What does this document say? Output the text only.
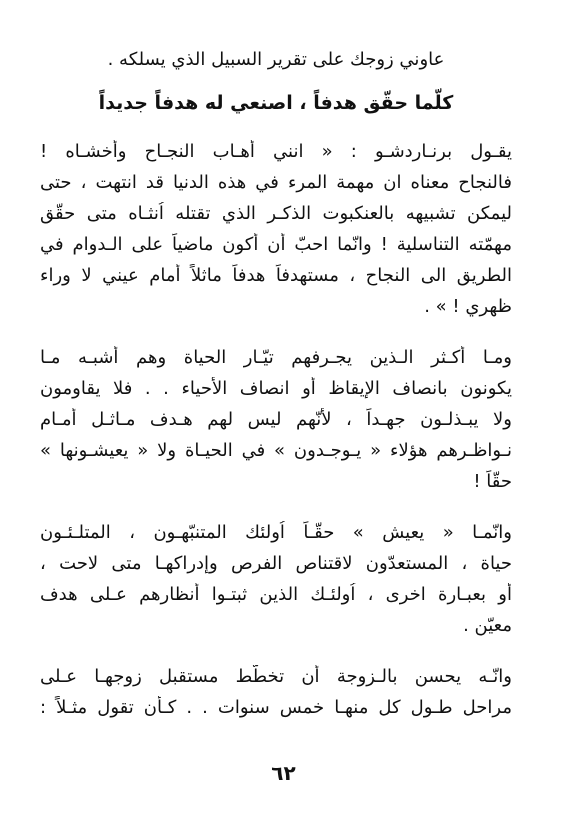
عاوني زوجك على تقرير السبيل الذي يسلكه .
كلّما حقّق هدفاً ، اصنعي له هدفاً جديداً
يقـول برنـاردشـو : « انني أهـاب النجـاح وأخشـاه !
فالنجاح معناه ان مهمة المرء في هذه الدنيا قد انتهت ، حتى
ليمكن تشبيهه بالعنكبوت الذكـر الذي تقتله اُنثـاه متى حقّق
مهمّته التناسلية ! وانّما احبّ أن أكون ماضياً على الـدوام في
الطريق الى النجاح ، مستهدفاً هدفاً ماثلاً أمام عيني لا وراء
ظهري ! » .
ومـا أكـثر الـذين يجـرفهم تيّـار الحياة وهم أشبـه مـا
يكونون بانصاف الإيقاظ أو انصاف الأحياء . . فلا يقاومون
ولا يبـذلـون جهـداً ، لأنّهم ليس لهم هـدف مـاثـل أمـام
نـواظـرهم هؤلاء « يـوجـدون » في الحيـاة ولا « يعيشـونها »
حقّاً !
وانّمـا « يعيش » حقّـاً اُولئك المتنبّهـون ، المتلـئـون
حياة ، المستعدّون لاقتناص الفرص وإدراكهـا متى لاحت ،
أو بعبـارة اخرى ، اُولئـك الذين ثبتـوا أنظارهم عـلى هدف
معيّن .
وانّـه يحسن بالـزوجة أن تخطّط مستقبل زوجهـا عـلى
مراحل طـول كل منهـا خمس سنوات . . كـأن تقول مثـلاً :
٦٢
